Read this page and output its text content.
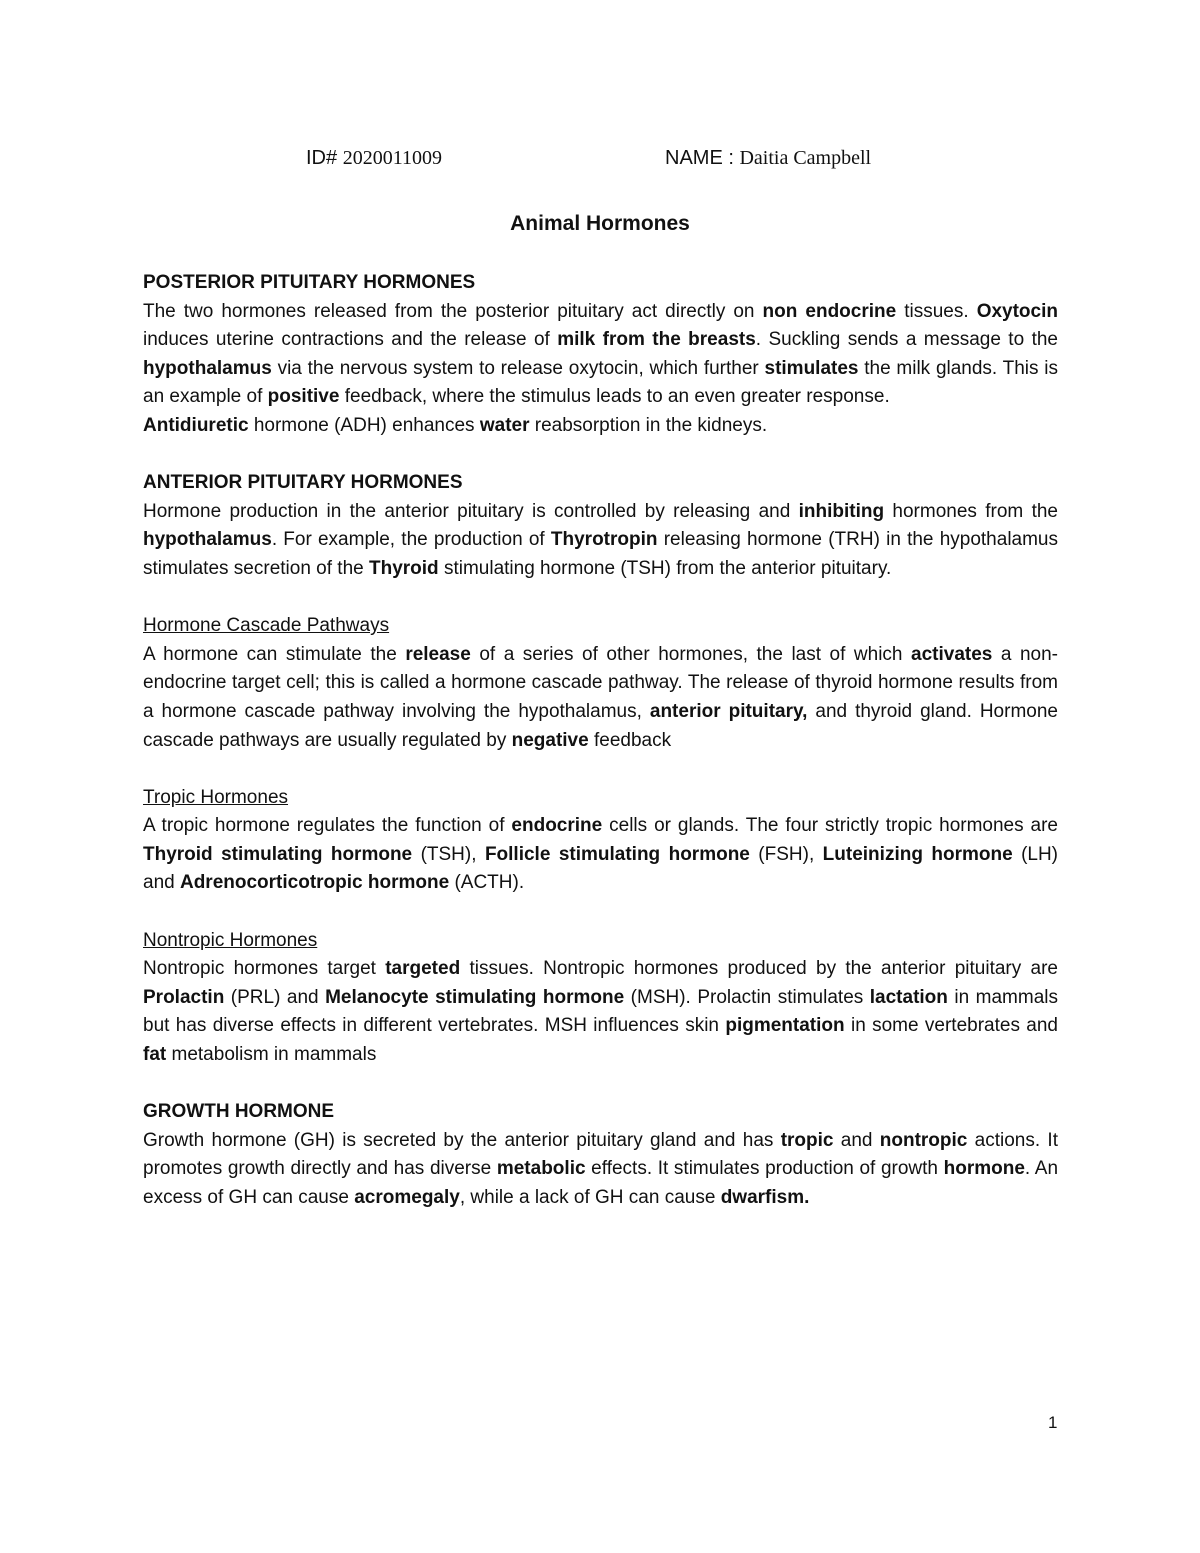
ID# 2020011009	NAME : Daitia Campbell
Animal Hormones

POSTERIOR PITUITARY HORMONES

The two hormones released from the posterior pituitary act directly on non endocrine tissues. Oxytocin induces uterine contractions and the release of milk from the breasts. Suckling sends a message to the hypothalamus via the nervous system to release oxytocin, which further stimulates the milk glands. This is an example of positive feedback, where the stimulus leads to an even greater response.

Antidiuretic hormone (ADH) enhances water reabsorption in the kidneys.

ANTERIOR PITUITARY HORMONES

Hormone production in the anterior pituitary is controlled by releasing and inhibiting hormones from the hypothalamus. For example, the production of Thyrotropin releasing hormone (TRH) in the hypothalamus stimulates secretion of the Thyroid stimulating hormone (TSH) from the anterior pituitary.

Hormone Cascade Pathways

A hormone can stimulate the release of a series of other hormones, the last of which activates a non-endocrine target cell; this is called a hormone cascade pathway. The release of thyroid hormone results from a hormone cascade pathway involving the hypothalamus, anterior pituitary, and thyroid gland. Hormone cascade pathways are usually regulated by negative feedback

Tropic Hormones

A tropic hormone regulates the function of endocrine cells or glands. The four strictly tropic hormones are Thyroid stimulating hormone (TSH), Follicle stimulating hormone (FSH), Luteinizing hormone (LH) and Adrenocorticotropic hormone (ACTH).

Nontropic Hormones

Nontropic hormones target targeted tissues. Nontropic hormones produced by the anterior pituitary are Prolactin (PRL) and Melanocyte stimulating hormone (MSH). Prolactin stimulates lactation in mammals but has diverse effects in different vertebrates. MSH influences skin pigmentation in some vertebrates and fat metabolism in mammals

GROWTH HORMONE

Growth hormone (GH) is secreted by the anterior pituitary gland and has tropic and nontropic actions. It promotes growth directly and has diverse metabolic effects. It stimulates production of growth hormone. An excess of GH can cause acromegaly, while a lack of GH can cause dwarfism.

1
